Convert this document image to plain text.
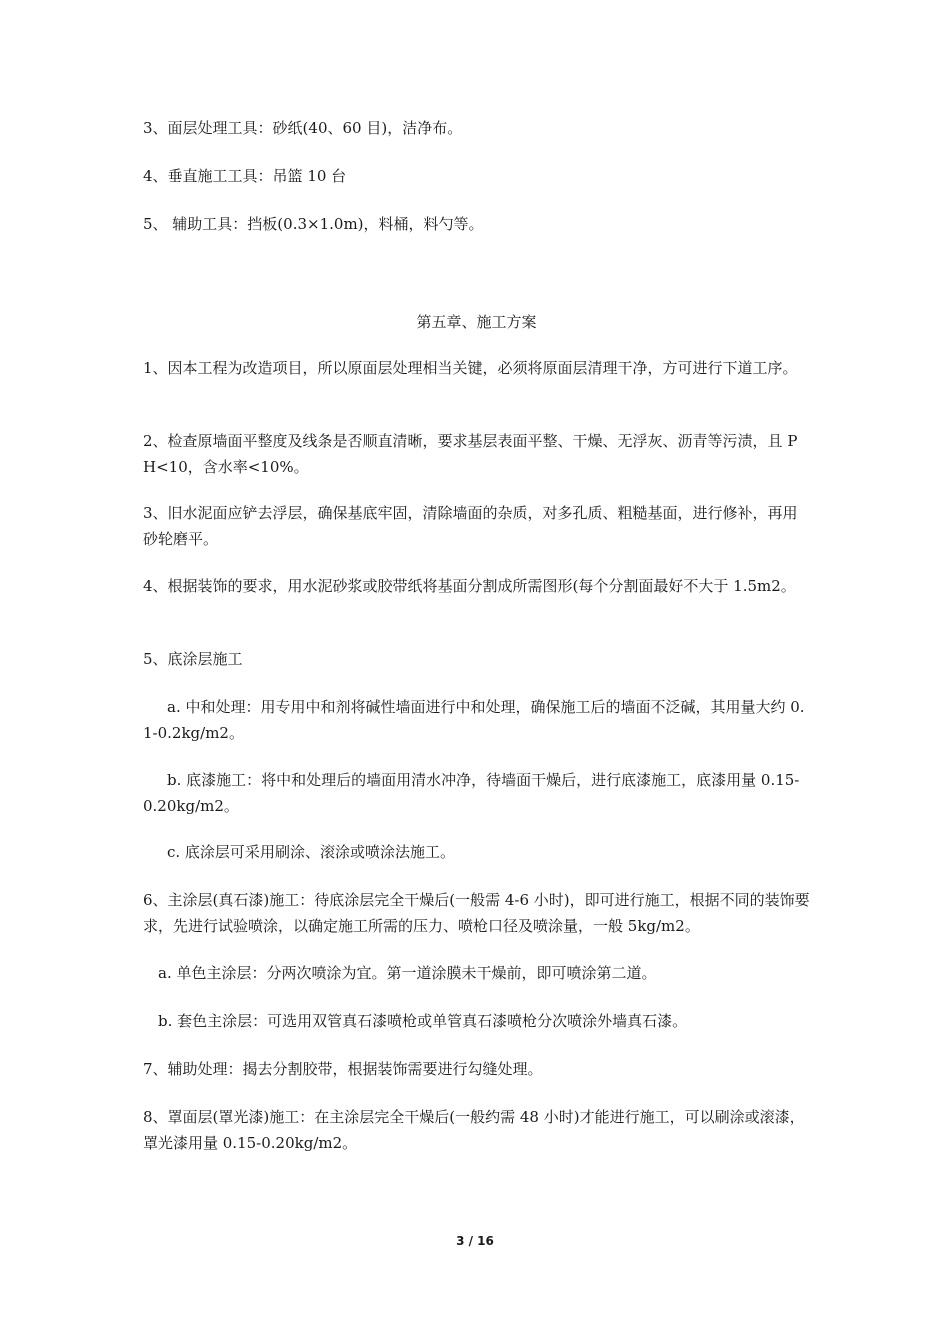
3、面层处理工具：砂纸(40、60 目)，洁净布。

4、垂直施工工具：吊篮 10 台

5、 辅助工具：挡板(0.3×1.0m)，料桶，料勺等。

第五章、施工方案

1、因本工程为改造项目，所以原面层处理相当关键，必须将原面层清理干净，方可进行下道工序。

2、检查原墙面平整度及线条是否顺直清晰，要求基层表面平整、干燥、无浮灰、沥青等污渍，且 PH<10，含水率<10%。

3、旧水泥面应铲去浮层，确保基底牢固，清除墙面的杂质，对多孔质、粗糙基面，进行修补，再用砂轮磨平。

4、根据装饰的要求，用水泥砂浆或胶带纸将基面分割成所需图形(每个分割面最好不大于 1.5m2。

5、底涂层施工

a. 中和处理：用专用中和剂将碱性墙面进行中和处理，确保施工后的墙面不泛碱，其用量大约 0.1-0.2kg/m2。

b. 底漆施工：将中和处理后的墙面用清水冲净，待墙面干燥后，进行底漆施工，底漆用量 0.15-0.20kg/m2。

c. 底涂层可采用刷涂、滚涂或喷涂法施工。

6、主涂层(真石漆)施工：待底涂层完全干燥后(一般需 4-6 小时)，即可进行施工，根据不同的装饰要求，先进行试验喷涂，以确定施工所需的压力、喷枪口径及喷涂量，一般 5kg/m2。

a. 单色主涂层：分两次喷涂为宜。第一道涂膜未干燥前，即可喷涂第二道。

b. 套色主涂层：可选用双管真石漆喷枪或单管真石漆喷枪分次喷涂外墙真石漆。

7、辅助处理：揭去分割胶带，根据装饰需要进行勾缝处理。

8、罩面层(罩光漆)施工：在主涂层完全干燥后(一般约需 48 小时)才能进行施工，可以刷涂或滚漆，罩光漆用量 0.15-0.20kg/m2。

3 / 16
